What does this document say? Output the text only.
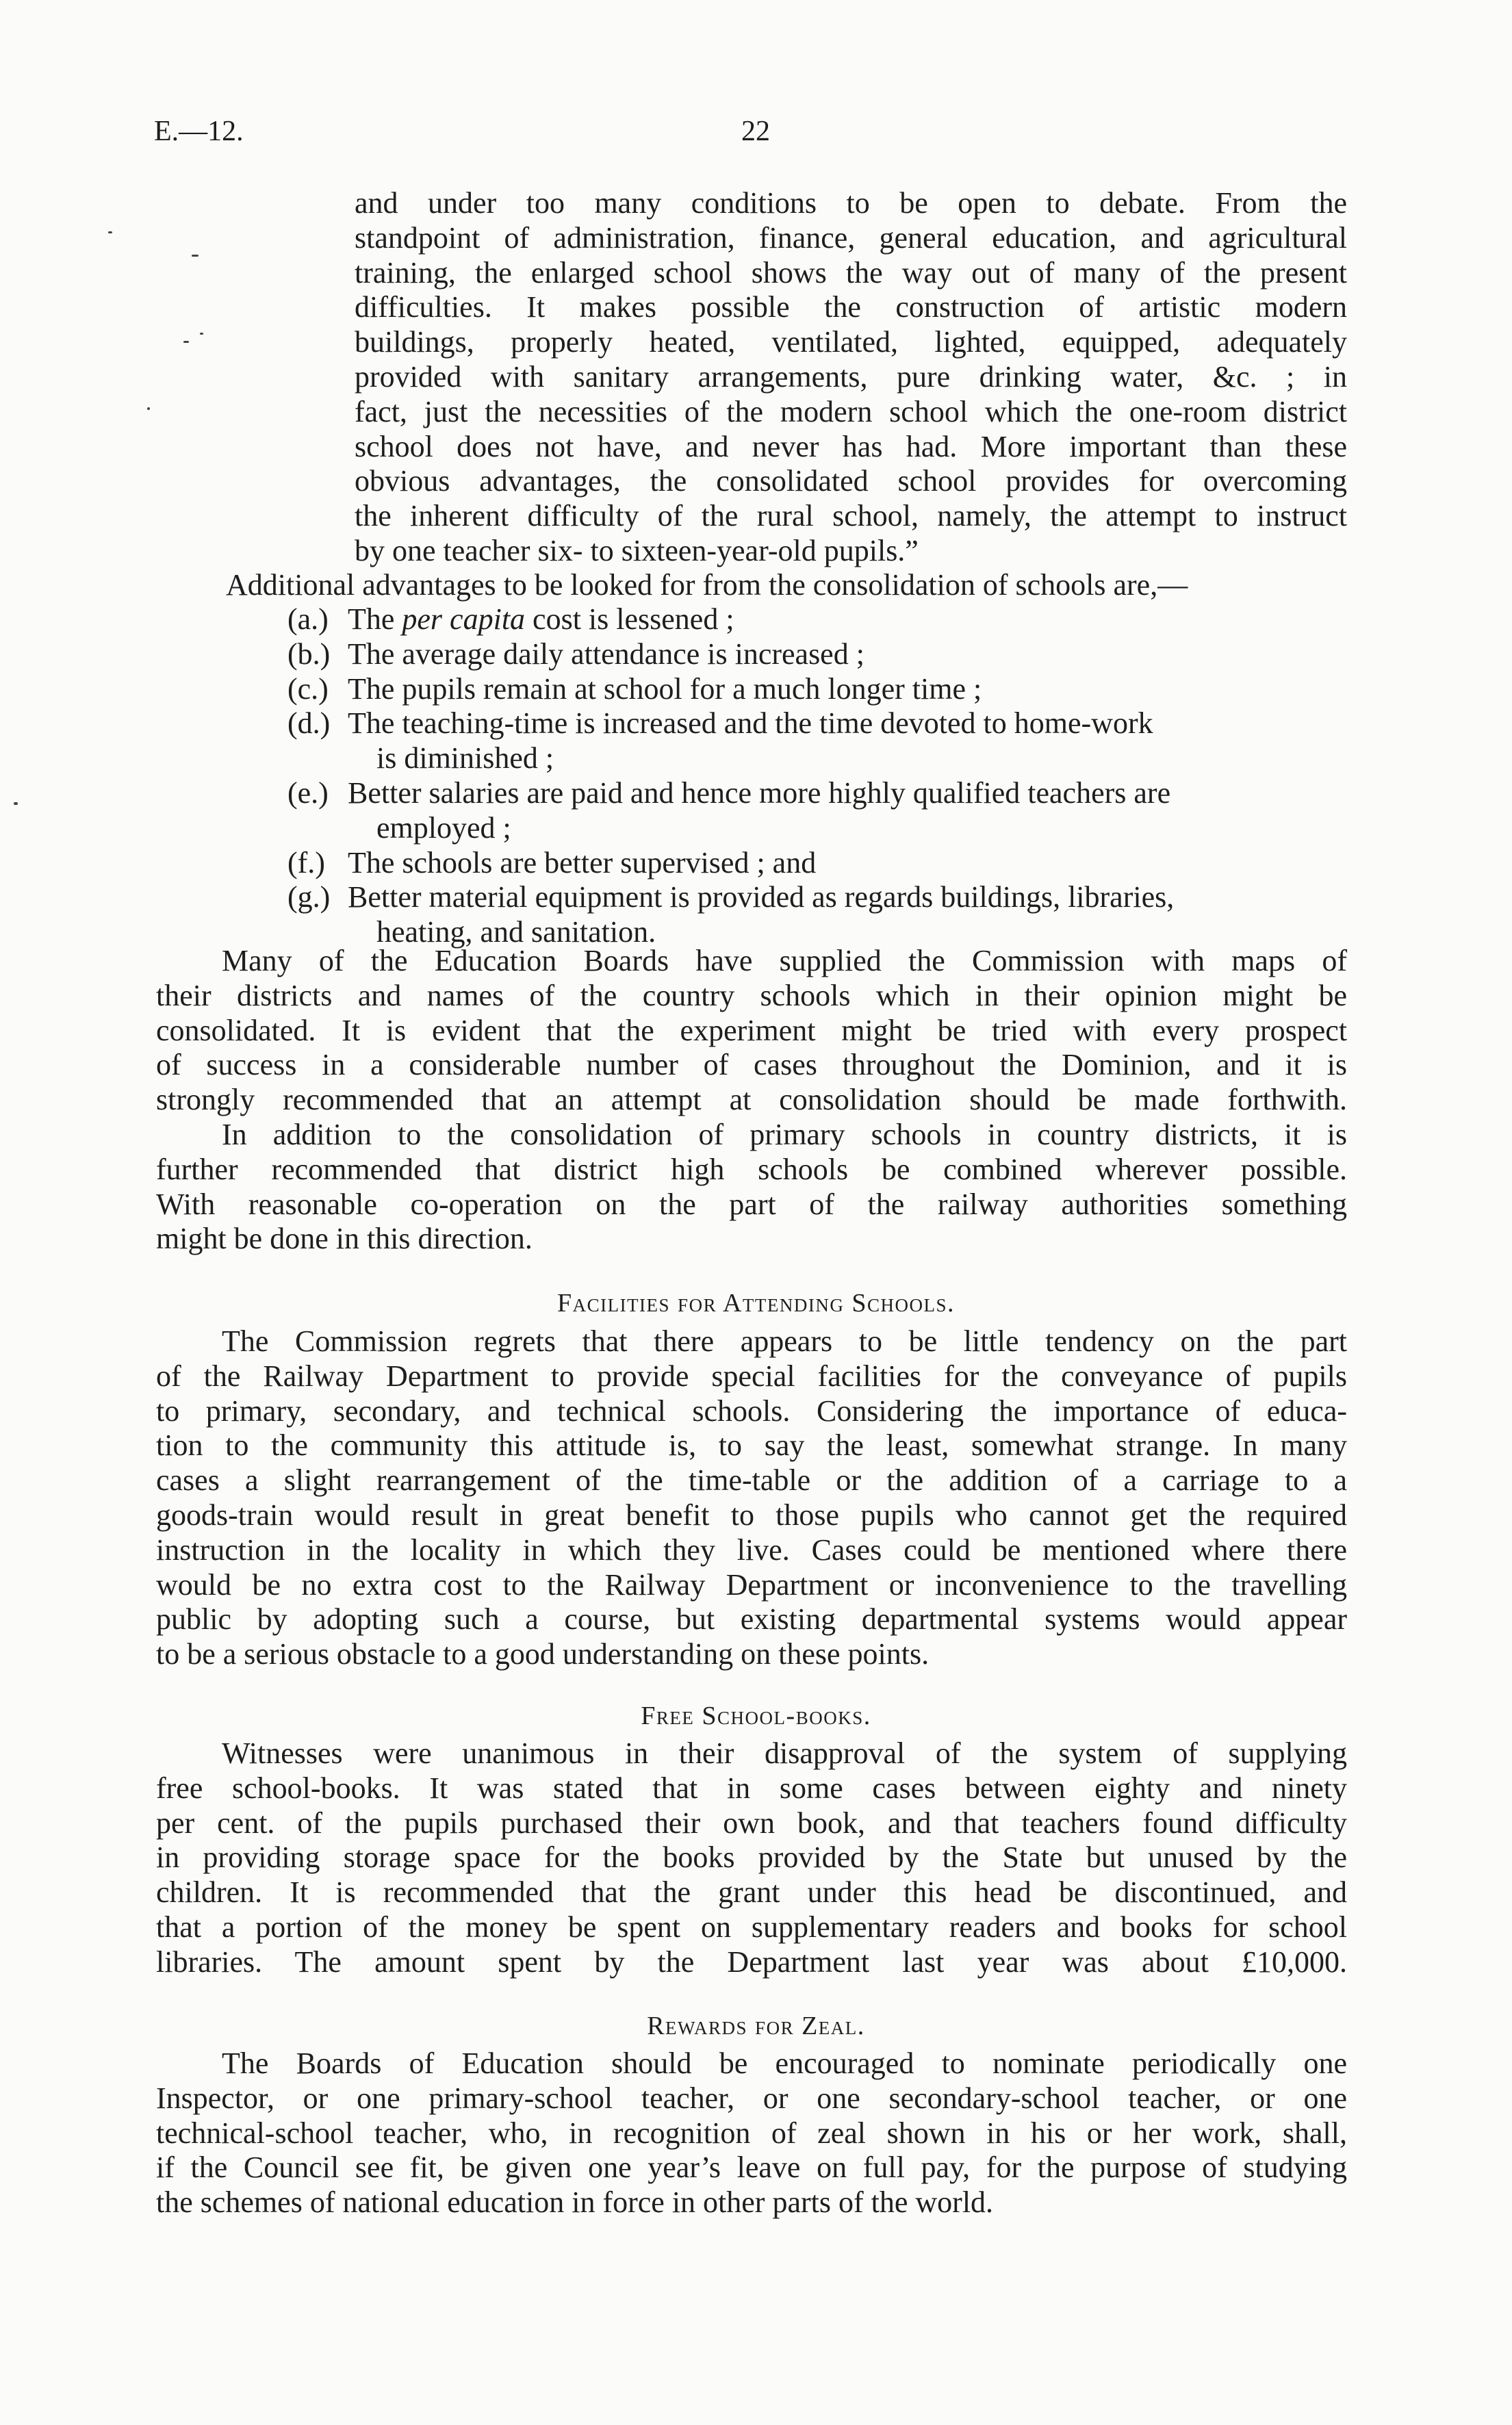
E.—12.	22
and under too many conditions to be open to debate. From the
standpoint of administration, finance, general education, and agricultural
training, the enlarged school shows the way out of many of the present
difficulties. It makes possible the construction of artistic modern
buildings, properly heated, ventilated, lighted, equipped, adequately
provided with sanitary arrangements, pure drinking water, &c. ; in
fact, just the necessities of the modern school which the one-room district
school does not have, and never has had. More important than these
obvious advantages, the consolidated school provides for overcoming
the inherent difficulty of the rural school, namely, the attempt to instruct
by one teacher six- to sixteen-year-old pupils.”
Additional advantages to be looked for from the consolidation of schools are,—
(a.) The per capita cost is lessened ;
(b.) The average daily attendance is increased ;
(c.) The pupils remain at school for a much longer time ;
(d.) The teaching-time is increased and the time devoted to home-work
is diminished ;
(e.) Better salaries are paid and hence more highly qualified teachers are
employed ;
(f.) The schools are better supervised ; and
(g.) Better material equipment is provided as regards buildings, libraries,
heating, and sanitation.
Many of the Education Boards have supplied the Commission with maps of
their districts and names of the country schools which in their opinion might be
consolidated. It is evident that the experiment might be tried with every prospect
of success in a considerable number of cases throughout the Dominion, and it is
strongly recommended that an attempt at consolidation should be made forthwith.
In addition to the consolidation of primary schools in country districts, it is
further recommended that district high schools be combined wherever possible.
With reasonable co-operation on the part of the railway authorities something
might be done in this direction.
Facilities for Attending Schools.
The Commission regrets that there appears to be little tendency on the part
of the Railway Department to provide special facilities for the conveyance of pupils
to primary, secondary, and technical schools. Considering the importance of educa-
tion to the community this attitude is, to say the least, somewhat strange. In many
cases a slight rearrangement of the time-table or the addition of a carriage to a
goods-train would result in great benefit to those pupils who cannot get the required
instruction in the locality in which they live. Cases could be mentioned where there
would be no extra cost to the Railway Department or inconvenience to the travelling
public by adopting such a course, but existing departmental systems would appear
to be a serious obstacle to a good understanding on these points.
Free School-books.
Witnesses were unanimous in their disapproval of the system of supplying
free school-books. It was stated that in some cases between eighty and ninety
per cent. of the pupils purchased their own book, and that teachers found difficulty
in providing storage space for the books provided by the State but unused by the
children. It is recommended that the grant under this head be discontinued, and
that a portion of the money be spent on supplementary readers and books for school
libraries. The amount spent by the Department last year was about £10,000.
Rewards for Zeal.
The Boards of Education should be encouraged to nominate periodically one
Inspector, or one primary-school teacher, or one secondary-school teacher, or one
technical-school teacher, who, in recognition of zeal shown in his or her work, shall,
if the Council see fit, be given one year’s leave on full pay, for the purpose of studying
the schemes of national education in force in other parts of the world.
